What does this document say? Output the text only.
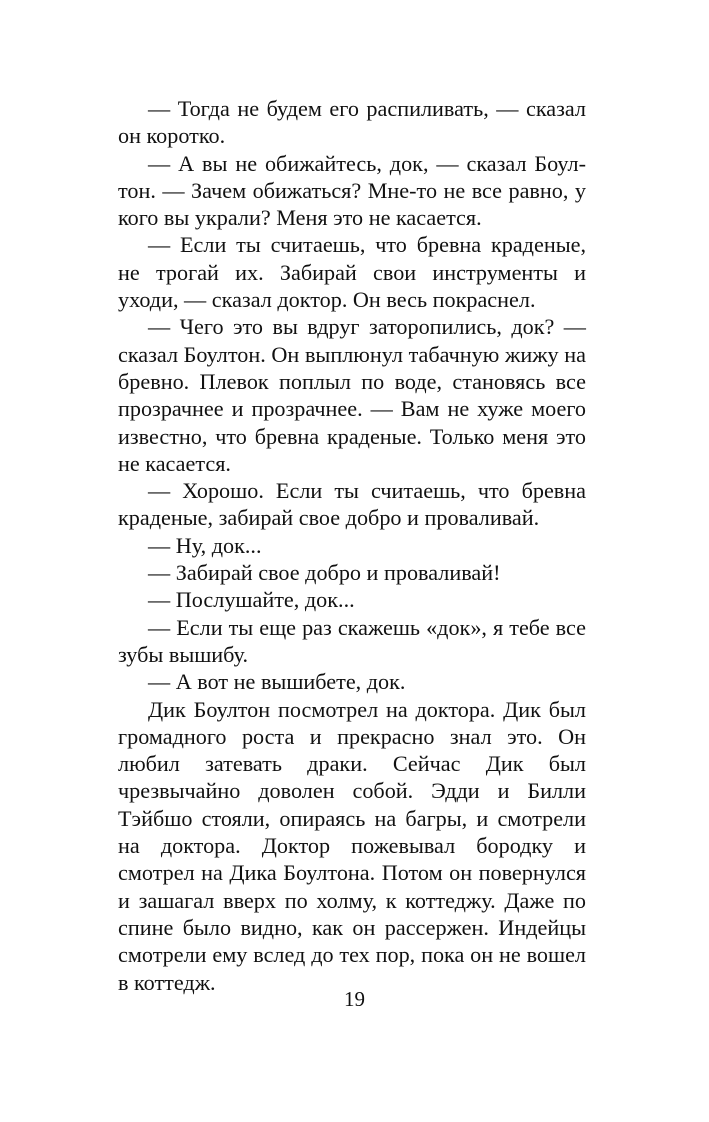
— Тогда не будем его распиливать, — сказал он коротко.

— А вы не обижайтесь, док, — сказал Боултон. — Зачем обижаться? Мне-то не все равно, у кого вы украли? Меня это не касается.

— Если ты считаешь, что бревна краденые, не трогай их. Забирай свои инструменты и уходи, — сказал доктор. Он весь покраснел.

— Чего это вы вдруг заторопились, док? — сказал Боултон. Он выплюнул табачную жижу на бревно. Плевок поплыл по воде, становясь все прозрачнее и прозрачнее. — Вам не хуже моего известно, что бревна краденые. Только меня это не касается.

— Хорошо. Если ты считаешь, что бревна краденые, забирай свое добро и проваливай.

— Ну, док...

— Забирай свое добро и проваливай!

— Послушайте, док...

— Если ты еще раз скажешь «док», я тебе все зубы вышибу.

— А вот не вышибете, док.

Дик Боултон посмотрел на доктора. Дик был громадного роста и прекрасно знал это. Он любил затевать драки. Сейчас Дик был чрезвычайно доволен собой. Эдди и Билли Тэйбшо стояли, опираясь на багры, и смотрели на доктора. Доктор пожевывал бородку и смотрел на Дика Боултона. Потом он повернулся и зашагал вверх по холму, к коттеджу. Даже по спине было видно, как он рассержен. Индейцы смотрели ему вслед до тех пор, пока он не вошел в коттедж.

19
